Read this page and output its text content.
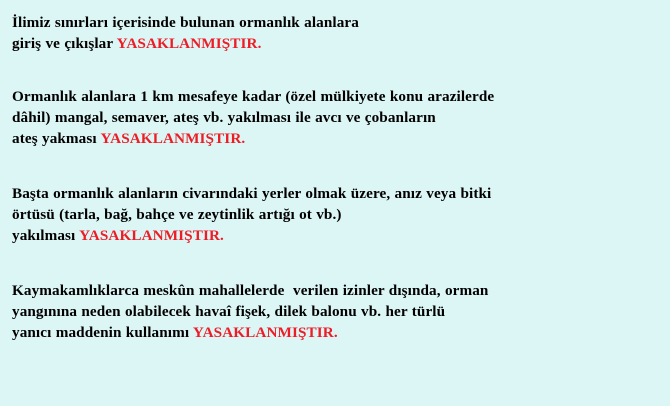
İlimiz sınırları içerisinde bulunan ormanlık alanlara
giriş ve çıkışlar YASAKLANMIŞTIR.
Ormanlık alanlara 1 km mesafeye kadar (özel mülkiyete konu arazilerde
dâhil) mangal, semaver, ateş vb. yakılması ile avcı ve çobanların
ateş yakması YASAKLANMIŞTIR.
Başta ormanlık alanların civarındaki yerler olmak üzere, anız veya bitki
örtüsü (tarla, bağ, bahçe ve zeytinlik artığı ot vb.)
yakılması YASAKLANMIŞTIR.
Kaymakamlıklarca meskûn mahallelerde  verilen izinler dışında, orman
yangınına neden olabilecek havaî fişek, dilek balonu vb. her türlü
yanıcı maddenin kullanımı YASAKLANMIŞTIR.
